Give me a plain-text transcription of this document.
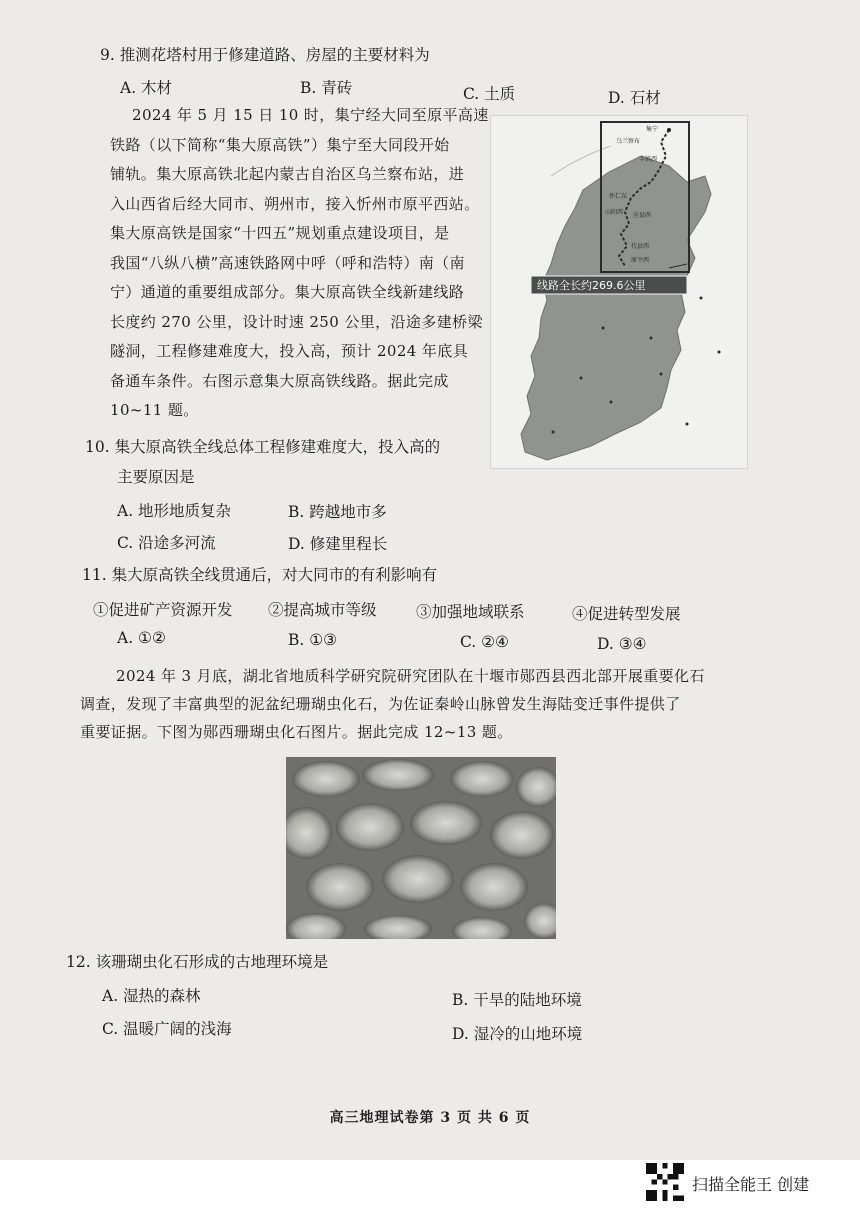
9. 推测花塔村用于修建道路、房屋的主要材料为
A. 木材	B. 青砖	C. 土质	D. 石材

2024 年 5 月 15 日 10 时，集宁经大同至原平高速

铁路（以下简称“集大原高铁”）集宁至大同段开始

铺轨。集大原高铁北起内蒙古自治区乌兰察布站，进

入山西省后经大同市、朔州市，接入忻州市原平西站。

集大原高铁是国家“十四五”规划重点建设项目，是

我国“八纵八横”高速铁路网中呼（呼和浩特）南（南

宁）通道的重要组成部分。集大原高铁全线新建线路

长度约 270 公里，设计时速 250 公里，沿途多建桥梁

隧洞，工程修建难度大，投入高，预计 2024 年底具

备通车条件。右图示意集大原高铁线路。据此完成

10~11 题。

集宁
乌兰察布
丰镇西
怀仁东
山阴西 应县西
代县西
原平西
线路全长约269.6公里
10. 集大原高铁全线总体工程修建难度大，投入高的
主要原因是
A. 地形地质复杂	B. 跨越地市多
C. 沿途多河流	D. 修建里程长
11. 集大原高铁全线贯通后，对大同市的有利影响有
①促进矿产资源开发 ②提高城市等级	③加强地域联系	④促进转型发展
A. ①②	B. ①③	C. ②④	D. ③④

2024 年 3 月底，湖北省地质科学研究院研究团队在十堰市郧西县西北部开展重要化石

调查，发现了丰富典型的泥盆纪珊瑚虫化石，为佐证秦岭山脉曾发生海陆变迁事件提供了

重要证据。下图为郧西珊瑚虫化石图片。据此完成 12~13 题。

12. 该珊瑚虫化石形成的古地理环境是
A. 湿热的森林	B. 干旱的陆地环境
C. 温暖广阔的浅海	D. 湿冷的山地环境
高三地理试卷第 3 页 共 6 页
扫描全能王 创建
